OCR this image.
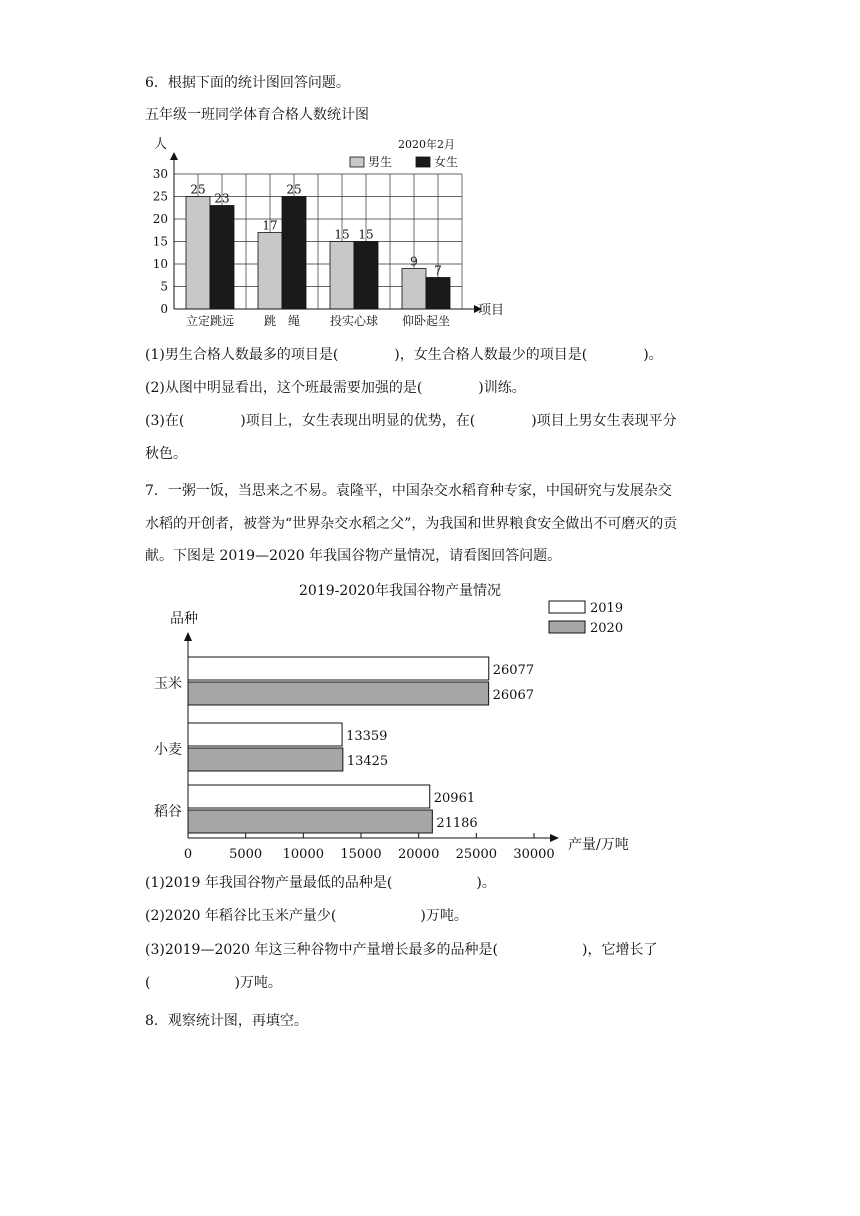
6．根据下面的统计图回答问题。
五年级一班同学体育合格人数统计图
25
23
17
25
15 15
9
7
0
5
10
15
20
25
30
立定跳远 跳　绳 投实心球 仰卧起坐
人
项目
2020年2月
男生	女生
(1)男生合格人数最多的项目是(　　　　)，女生合格人数最少的项目是(　　　　)。
(2)从图中明显看出，这个班最需要加强的是(　　　　)训练。
(3)在(　　　　)项目上，女生表现出明显的优势，在(　　　　)项目上男女生表现平分
秋色。
7．一粥一饭，当思来之不易。袁隆平，中国杂交水稻育种专家，中国研究与发展杂交
水稻的开创者，被誉为“世界杂交水稻之父”，为我国和世界粮食安全做出不可磨灭的贡
献。下图是 2019—2020 年我国谷物产量情况，请看图回答问题。
2019-2020年我国谷物产量情况
品种
2019
2020
26077
26067
13359
13425
20961
21186
玉米
小麦
稻谷
0	5000 10000 15000 20000 25000 30000
产量/万吨
(1)2019 年我国谷物产量最低的品种是(　　　　　　)。
(2)2020 年稻谷比玉米产量少(　　　　　　)万吨。
(3)2019—2020 年这三种谷物中产量增长最多的品种是(　　　　　　)，它增长了
(　　　　　　)万吨。
8．观察统计图，再填空。
